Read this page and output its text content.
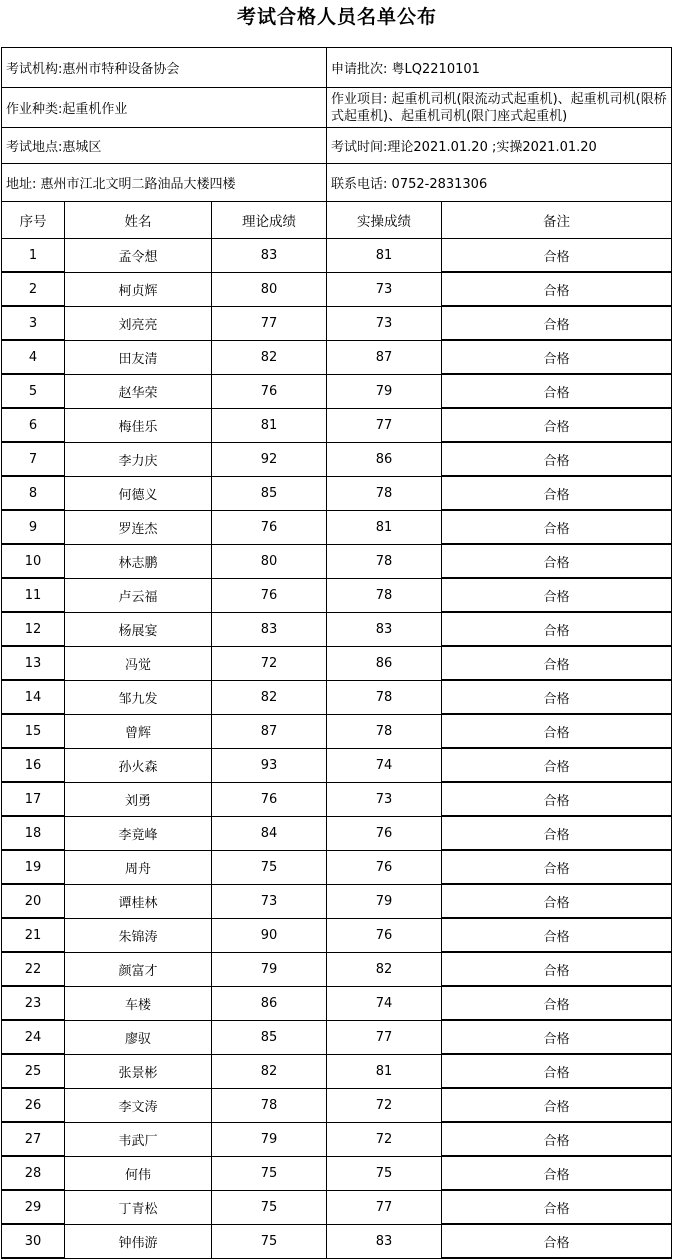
考试合格人员名单公布
考试机构:惠州市特种设备协会			申请批次: 粤LQ2210101	
作业种类:起重机作业			作业项目: 起重机司机(限流动式起重机)、起重机司机(限桥式起重机)、起重机司机(限门座式起重机)	
考试地点:惠城区			考试时间:理论2021.01.20 ;实操2021.01.20	
地址: 惠州市江北文明二路油品大楼四楼			联系电话: 0752-2831306	
序号	姓名	理论成绩	实操成绩	备注
1	孟令想	83	81	合格
2	柯贞辉	80	73	合格
3	刘亮亮	77	73	合格
4	田友清	82	87	合格
5	赵华荣	76	79	合格
6	梅佳乐	81	77	合格
7	李力庆	92	86	合格
8	何德义	85	78	合格
9	罗连杰	76	81	合格
10	林志鹏	80	78	合格
11	卢云福	76	78	合格
12	杨展宴	83	83	合格
13	冯觉	72	86	合格
14	邹九发	82	78	合格
15	曾辉	87	78	合格
16	孙火森	93	74	合格
17	刘勇	76	73	合格
18	李竟峰	84	76	合格
19	周舟	75	76	合格
20	谭桂林	73	79	合格
21	朱锦涛	90	76	合格
22	颜富才	79	82	合格
23	车楼	86	74	合格
24	廖驭	85	77	合格
25	张景彬	82	81	合格
26	李文涛	78	72	合格
27	韦武厂	79	72	合格
28	何伟	75	75	合格
29	丁青松	75	77	合格
30	钟伟游	75	83	合格
